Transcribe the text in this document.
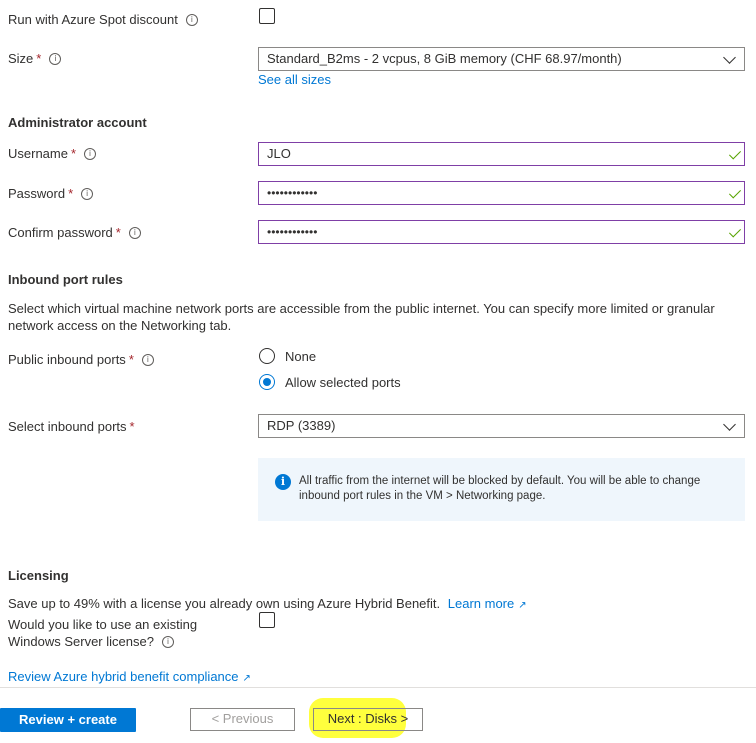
Run with Azure Spot discount i
Size * i	Standard_B2ms - 2 vcpus, 8 GiB memory (CHF 68.97/month)
See all sizes
Administrator account
Username * i	JLO
Password * i	••••••••••••
Confirm password * i	••••••••••••
Inbound port rules
Select which virtual machine network ports are accessible from the public internet. You can specify more limited or granular network access on the Networking tab.
Public inbound ports * i	None
Allow selected ports
Select inbound ports *	RDP (3389)
i	All traffic from the internet will be blocked by default. You will be able to change inbound port rules in the VM > Networking page.
Licensing
Save up to 49% with a license you already own using Azure Hybrid Benefit. Learn more ↗
Would you like to use an existing
Windows Server license? i
Review Azure hybrid benefit compliance ↗
Review + create	< Previous	Next : Disks >
